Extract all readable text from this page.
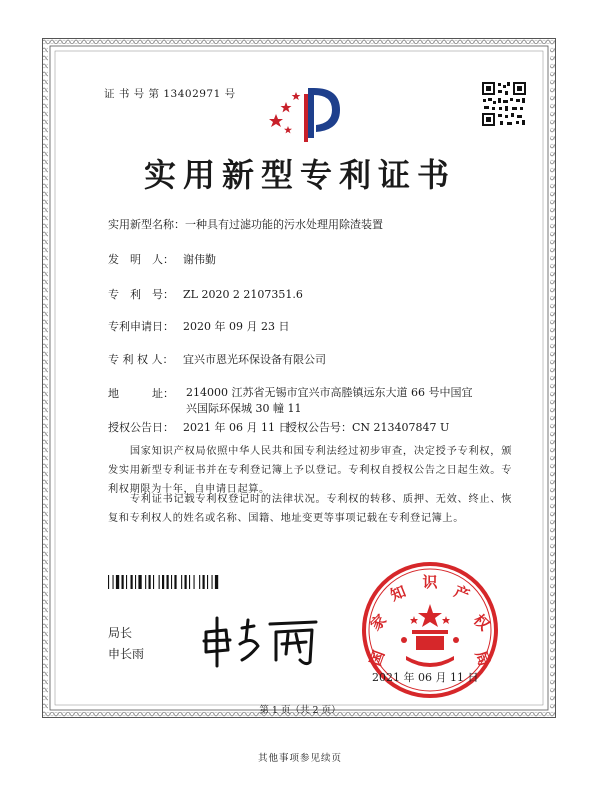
证 书 号 第 13402971 号
实用新型专利证书
实用新型名称：一种具有过滤功能的污水处理用除渣装置
发　明　人： 谢伟勤
专　利　号： ZL 2020 2 2107351.6
专利申请日： 2020 年 09 月 23 日
专 利 权 人： 宜兴市恩光环保设备有限公司
地　　　址：	214000 江苏省无锡市宜兴市高塍镇远东大道 66 号中国宜
兴国际环保城 30 幢 11
授权公告日： 2021 年 06 月 11 日
授权公告号：CN 213407847 U
　　国家知识产权局依照中华人民共和国专利法经过初步审查，决定授予专利权，颁发实用新型专利证书并在专利登记簿上予以登记。专利权自授权公告之日起生效。专利权期限为十年，自申请日起算。
　　专利证书记载专利权登记时的法律状况。专利权的转移、质押、无效、终止、恢复和专利权人的姓名或名称、国籍、地址变更等事项记载在专利登记簿上。
局长
申长雨	国
家
知
识
产
权
局
2021 年 06 月 11 日
第 1 页（共 2 页）
其他事项参见续页
